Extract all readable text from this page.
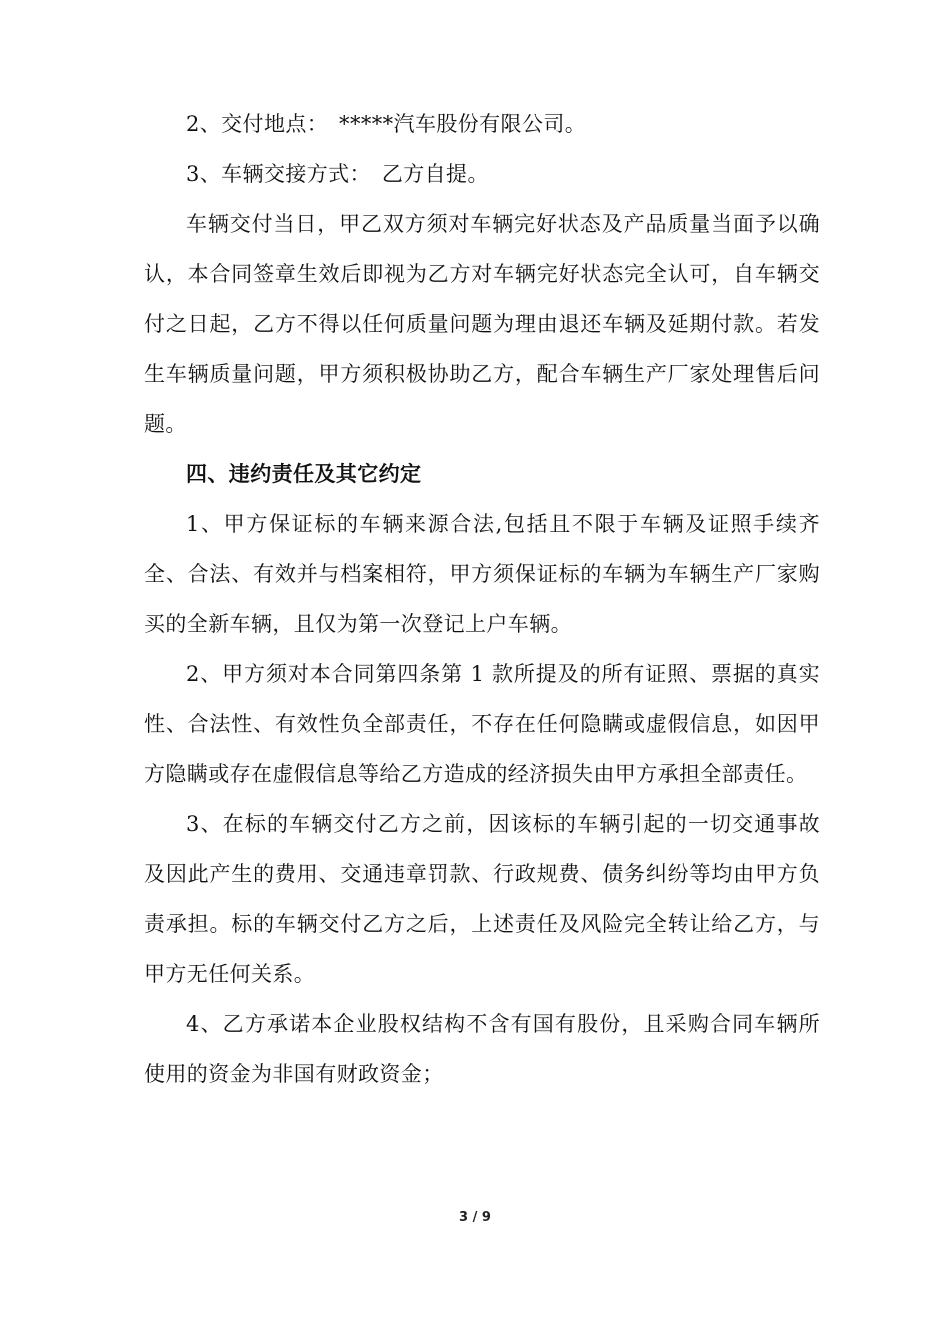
2、交付地点：　*****汽车股份有限公司。

3、车辆交接方式：　乙方自提。

车辆交付当日，甲乙双方须对车辆完好状态及产品质量当面予以确认，本合同签章生效后即视为乙方对车辆完好状态完全认可，自车辆交付之日起，乙方不得以任何质量问题为理由退还车辆及延期付款。若发生车辆质量问题，甲方须积极协助乙方，配合车辆生产厂家处理售后问题。

四、违约责任及其它约定

1、甲方保证标的车辆来源合法,包括且不限于车辆及证照手续齐全、合法、有效并与档案相符，甲方须保证标的车辆为车辆生产厂家购买的全新车辆，且仅为第一次登记上户车辆。

2、甲方须对本合同第四条第 1 款所提及的所有证照、票据的真实性、合法性、有效性负全部责任，不存在任何隐瞒或虚假信息，如因甲方隐瞒或存在虚假信息等给乙方造成的经济损失由甲方承担全部责任。

3、在标的车辆交付乙方之前，因该标的车辆引起的一切交通事故及因此产生的费用、交通违章罚款、行政规费、债务纠纷等均由甲方负责承担。标的车辆交付乙方之后，上述责任及风险完全转让给乙方，与甲方无任何关系。

4、乙方承诺本企业股权结构不含有国有股份，且采购合同车辆所使用的资金为非国有财政资金；

3 / 9
